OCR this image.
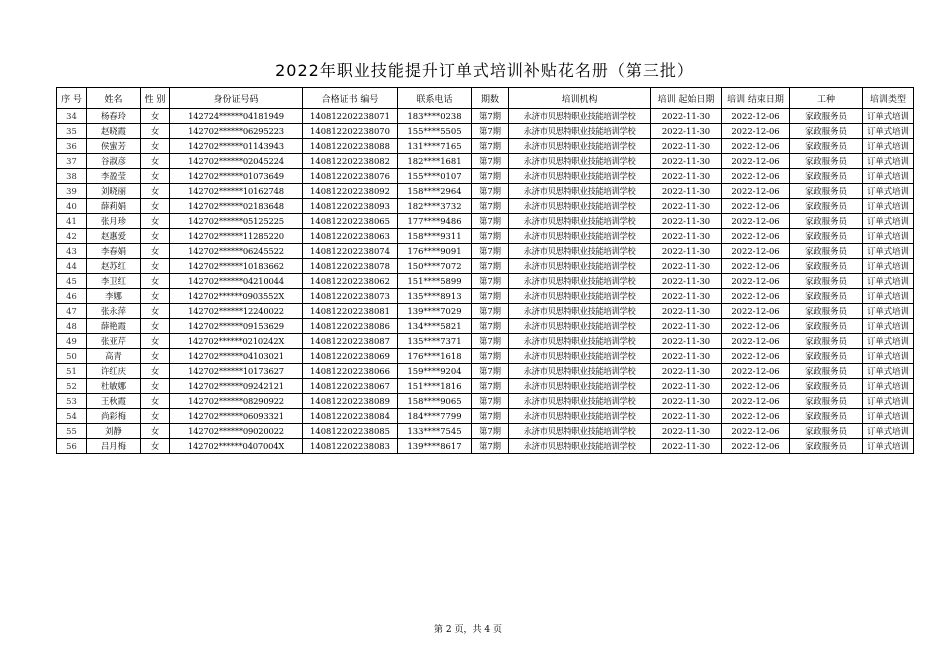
2022年职业技能提升订单式培训补贴花名册（第三批）
序 号	姓名	性 别	身份证号码	合格证书 编号	联系电话	期数	培训机构	培训 起始日期	培训 结束日期	工种	培训类型
34	杨春玲	女	142724******04181949	140812202238071	183****0238	第7期	永济市贝思特职业技能培训学校	2022-11-30	2022-12-06	家政服务员	订单式培训
35	赵晓霞	女	142702******06295223	140812202238070	155****5505	第7期	永济市贝思特职业技能培训学校	2022-11-30	2022-12-06	家政服务员	订单式培训
36	侯蜜芳	女	142702******01143943	140812202238088	131****7165	第7期	永济市贝思特职业技能培训学校	2022-11-30	2022-12-06	家政服务员	订单式培训
37	谷淑彦	女	142702******02045224	140812202238082	182****1681	第7期	永济市贝思特职业技能培训学校	2022-11-30	2022-12-06	家政服务员	订单式培训
38	李盈莹	女	142702******01073649	140812202238076	155****0107	第7期	永济市贝思特职业技能培训学校	2022-11-30	2022-12-06	家政服务员	订单式培训
39	刘晓丽	女	142702******10162748	140812202238092	158****2964	第7期	永济市贝思特职业技能培训学校	2022-11-30	2022-12-06	家政服务员	订单式培训
40	薛莉娟	女	142702******02183648	140812202238093	182****3732	第7期	永济市贝思特职业技能培训学校	2022-11-30	2022-12-06	家政服务员	订单式培训
41	张月珍	女	142702******05125225	140812202238065	177****9486	第7期	永济市贝思特职业技能培训学校	2022-11-30	2022-12-06	家政服务员	订单式培训
42	赵惠爱	女	142702******11285220	140812202238063	158****9311	第7期	永济市贝思特职业技能培训学校	2022-11-30	2022-12-06	家政服务员	订单式培训
43	李春娟	女	142702******06245522	140812202238074	176****9091	第7期	永济市贝思特职业技能培训学校	2022-11-30	2022-12-06	家政服务员	订单式培训
44	赵苏红	女	142702******10183662	140812202238078	150****7072	第7期	永济市贝思特职业技能培训学校	2022-11-30	2022-12-06	家政服务员	订单式培训
45	李卫红	女	142702******04210044	140812202238062	151****5899	第7期	永济市贝思特职业技能培训学校	2022-11-30	2022-12-06	家政服务员	订单式培训
46	李娜	女	142702******0903552X	140812202238073	135****8913	第7期	永济市贝思特职业技能培训学校	2022-11-30	2022-12-06	家政服务员	订单式培训
47	张永萍	女	142702******12240022	140812202238081	139****7029	第7期	永济市贝思特职业技能培训学校	2022-11-30	2022-12-06	家政服务员	订单式培训
48	薛艳霞	女	142702******09153629	140812202238086	134****5821	第7期	永济市贝思特职业技能培训学校	2022-11-30	2022-12-06	家政服务员	订单式培训
49	张亚芹	女	142702******0210242X	140812202238087	135****7371	第7期	永济市贝思特职业技能培训学校	2022-11-30	2022-12-06	家政服务员	订单式培训
50	高青	女	142702******04103021	140812202238069	176****1618	第7期	永济市贝思特职业技能培训学校	2022-11-30	2022-12-06	家政服务员	订单式培训
51	许红庆	女	142702******10173627	140812202238066	159****9204	第7期	永济市贝思特职业技能培训学校	2022-11-30	2022-12-06	家政服务员	订单式培训
52	杜敏娜	女	142702******09242121	140812202238067	151****1816	第7期	永济市贝思特职业技能培训学校	2022-11-30	2022-12-06	家政服务员	订单式培训
53	王秋霞	女	142702******08290922	140812202238089	158****9065	第7期	永济市贝思特职业技能培训学校	2022-11-30	2022-12-06	家政服务员	订单式培训
54	尚彩梅	女	142702******06093321	140812202238084	184****7799	第7期	永济市贝思特职业技能培训学校	2022-11-30	2022-12-06	家政服务员	订单式培训
55	刘静	女	142702******09020022	140812202238085	133****7545	第7期	永济市贝思特职业技能培训学校	2022-11-30	2022-12-06	家政服务员	订单式培训
56	吕月梅	女	142702******0407004X	140812202238083	139****8617	第7期	永济市贝思特职业技能培训学校	2022-11-30	2022-12-06	家政服务员	订单式培训
第 2 页，共 4 页
